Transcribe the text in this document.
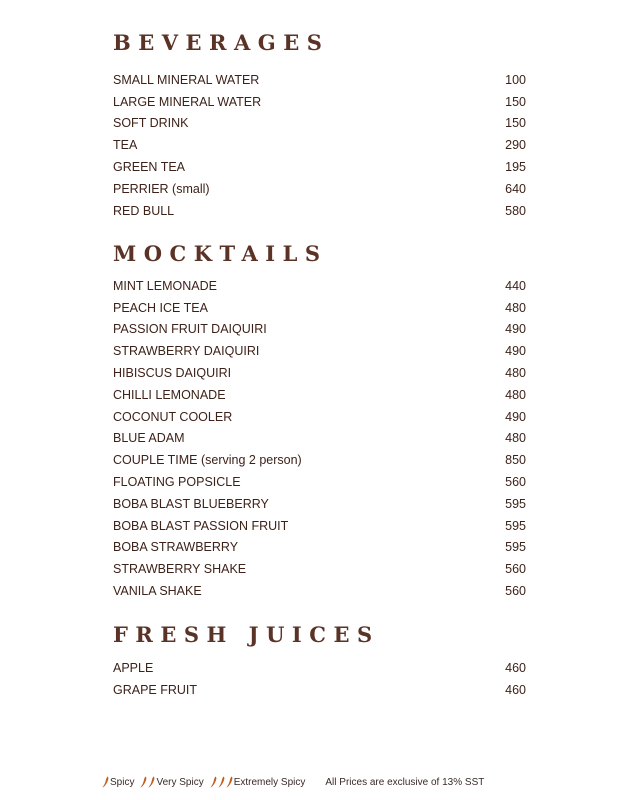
BEVERAGES
SMALL MINERAL WATER	100
LARGE MINERAL WATER	150
SOFT DRINK	150
TEA	290
GREEN TEA	195
PERRIER (small)	640
RED BULL	580
MOCKTAILS
MINT LEMONADE	440
PEACH ICE TEA	480
PASSION FRUIT DAIQUIRI	490
STRAWBERRY DAIQUIRI	490
HIBISCUS DAIQUIRI	480
CHILLI LEMONADE	480
COCONUT COOLER	490
BLUE ADAM	480
COUPLE TIME (serving 2 person)	850
FLOATING POPSICLE	560
BOBA BLAST BLUEBERRY	595
BOBA BLAST PASSION FRUIT	595
BOBA STRAWBERRY	595
STRAWBERRY SHAKE	560
VANILA SHAKE	560
FRESH JUICES
APPLE	460
GRAPE FRUIT	460
Spicy Very Spicy	Extremely Spicy All Prices are exclusive of 13% SST
